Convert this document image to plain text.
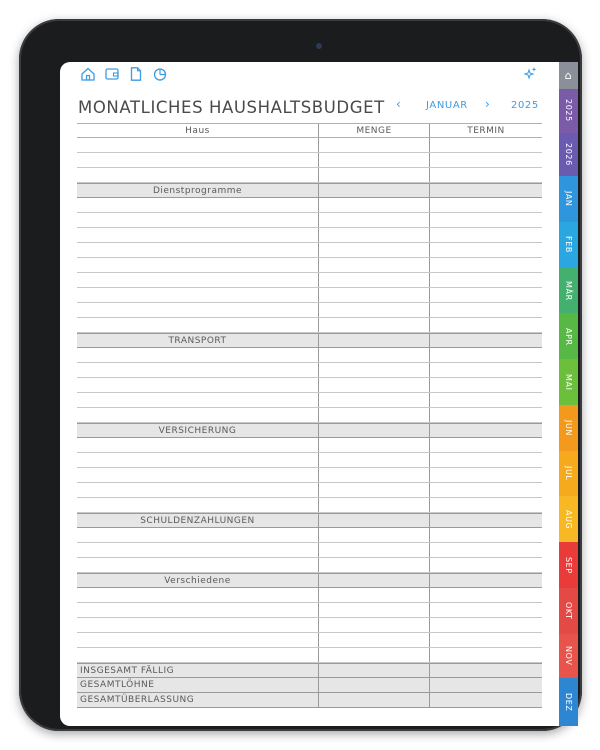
MONATLICHES HAUSHALTSBUDGET ‹ JANUAR › 2025
Haus	MENGE	TERMIN
Dienstprogramme
TRANSPORT
VERSICHERUNG
SCHULDENZAHLUNGEN
Verschiedene
INSGESAMT FÄLLIG
GESAMTLÖHNE
GESAMTÜBERLASSUNG
⌂
2025
2026
JAN
FEB
MÄR
APR
MAI
JUN
JUL
AUG
SEP
OKT
NOV
DEZ
